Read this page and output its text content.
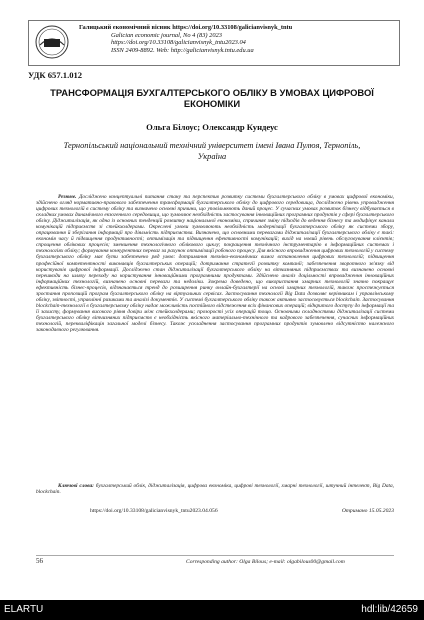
Галицький економічний вісник https://doi.org/10.33108/galicianvisnyk_tntu
Galician economic journal, No 4 (83) 2023
https://doi.org/10.33108/galicianvisnyk_tntu2023.04
ISSN 2409-8892. Web: http://galicianvisnyk.tntu.edu.ua
УДК 657.1.012
ТРАНСФОРМАЦІЯ БУХГАЛТЕРСЬКОГО ОБЛІКУ В УМОВАХ ЦИФРОВОЇ ЕКОНОМІКИ
Ольга Білоус; Олександр Кундеус
Тернопільський національний технічний університет імені Івана Пулюя, Тернопіль, Україна
Резюме. Досліджено концептуальні питання стану та перспектив розвитку системи бухгалтерського обліку в умовах цифрової економіки, здійснено огляд нормативно-правового забезпечення трансформації бухгалтерського обліку до цифрового середовища, досліджено рівень упровадження цифрових технологій в систему обліку та визначено основні причини, що уповільнюють даний процес. У сучасних умовах розвиток бізнесу відбувається в складних умовах динамічного екзогенного середовища, що зумовлює необхідність застосування інноваційних програмних продуктів у сфері бухгалтерського обліку. Діджиталізація, як одна із основних тенденцій розвитку національної економіки, спричиняє зміну підходів до ведення бізнесу та модифікує канали комунікацій підприємств зі стейкхолдерами. Окреслені умови зумовлюють необхідність модернізації бухгалтерського обліку як системи збору, опрацювання й зберігання інформації про діяльність підприємства. Визначено, що основними перевагами діджиталізації бухгалтерського обліку є такі: економія часу й підвищення продуктивності; оптимізація та підвищення ефективності комунікацій; вихід на новий рівень обслуговування клієнтів; спрощення облікових процесів; зменшення технологічного облікового циклу; покращення технічного інструментарію в інформаційних системах і технологіях обліку; формування конкурентних переваг за рахунок оптимізації робочого процесу. Для якісного впровадження цифрових технологій у систему бухгалтерського обліку має бути забезпечено ряд умов: дотримання техніко-економічних вимог встановлення цифрових технологій; підвищення професійної компетентності виконавців бухгалтерських операцій; дотримання стратегії розвитку компанії; забезпечення зворотного зв'язку від користувачів цифрової інформації. Досліджено стан діджиталізації бухгалтерського обліку на вітчизняних підприємствах та визначено основні перешкоди на шляху переходу на користування інноваційними програмними продуктами. Здійснено аналіз доцільності впровадження інноваційних інформаційних технологій, визначено основні переваги та недоліки. Зокрема доведено, що використання хмарних технологій значно покращує ефективність бізнес-процесів, відзначається тренд до розширення ринку онлайн-бухгалтерії на основі хмарних технологій, також простежується зростання пропозицій програм бухгалтерського обліку на віртуальних сервісах. Застосування технології Big Data дозволяє керівникам і управлінському обліку, звітності, управлінні ризиками та аналізі документів. У системі бухгалтерського обліку також активно застосовується blockchain. Застосування blockchain-технології в бухгалтерському обліку надає можливість постійного відстеження всіх фінансових операцій; відкритого доступу до інформації та її захисту, формування високого рівня довіри між стейкхолдерами; прозорості усіх операцій тощо. Основними складностями діджиталізації системи бухгалтерського обліку вітчизняних підприємств є необхідність якісного матеріально-технічного та кадрового забезпечення, сучасних інформаційних технологій, перекваліфікація загальної моделі бізнесу. Також ускладнення застосування програмних продуктів зумовлено відсутністю належного законодавчого регулювання.
Ключові слова: бухгалтерський облік, діджиталізація, цифрова економіка, цифрові технології, хмарні технології, штучний інтелект, Big Data, blockchain.
https://doi.org/10.33108/galicianvisnyk_tntu2023.04.056	Отримано 15.05.2023
56	Corresponding author: Olga Bilous; e-mail: olgabilous00@gmail.com
ELARTU	hdl:lib/42659
